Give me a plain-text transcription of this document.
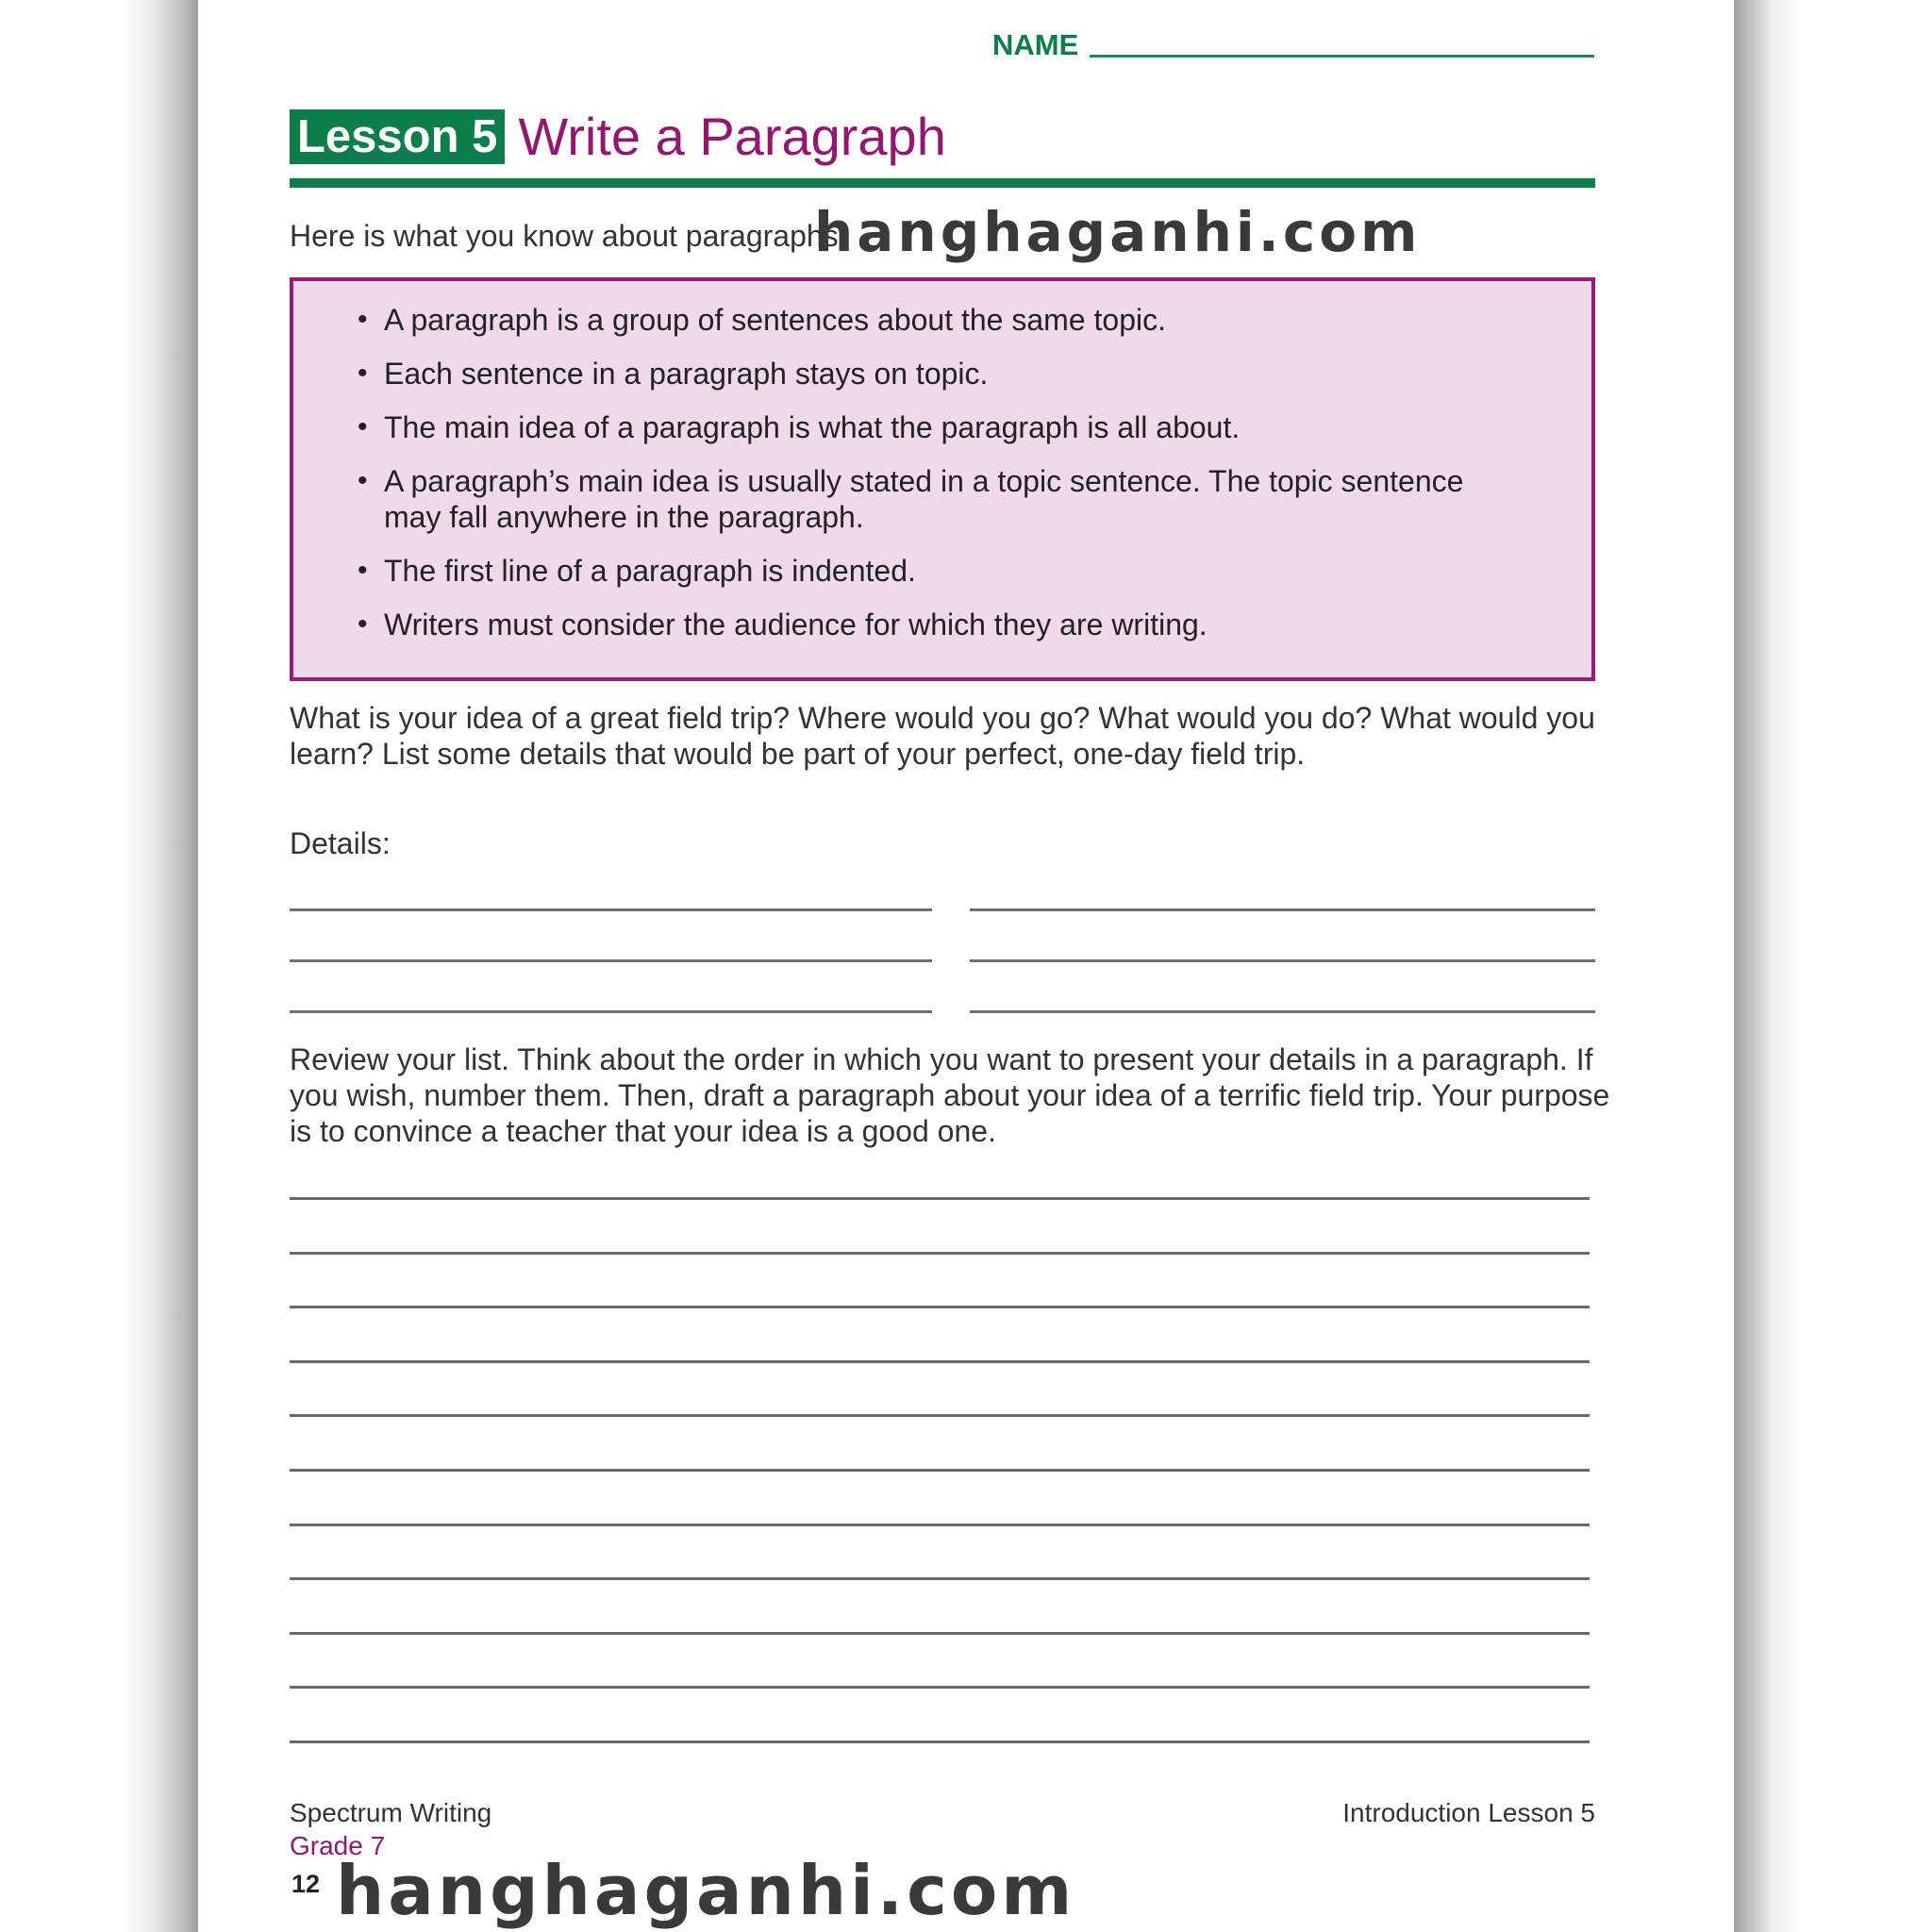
NAME
Lesson 5 Write a Paragraph
Here is what you know about paragraphs.
• A paragraph is a group of sentences about the same topic.
• Each sentence in a paragraph stays on topic.
• The main idea of a paragraph is what the paragraph is all about.
• A paragraph’s main idea is usually stated in a topic sentence. The topic sentence may fall anywhere in the paragraph.
• The first line of a paragraph is indented.
• Writers must consider the audience for which they are writing.
What is your idea of a great field trip? Where would you go? What would you do? What would you learn? List some details that would be part of your perfect, one-day field trip.
Details:
Review your list. Think about the order in which you want to present your details in a paragraph. If you wish, number them. Then, draft a paragraph about your idea of a terrific field trip. Your purpose is to convince a teacher that your idea is a good one.
Spectrum Writing
Grade 7
12
Introduction Lesson 5
hanghaganhi.com
hanghaganhi.com
